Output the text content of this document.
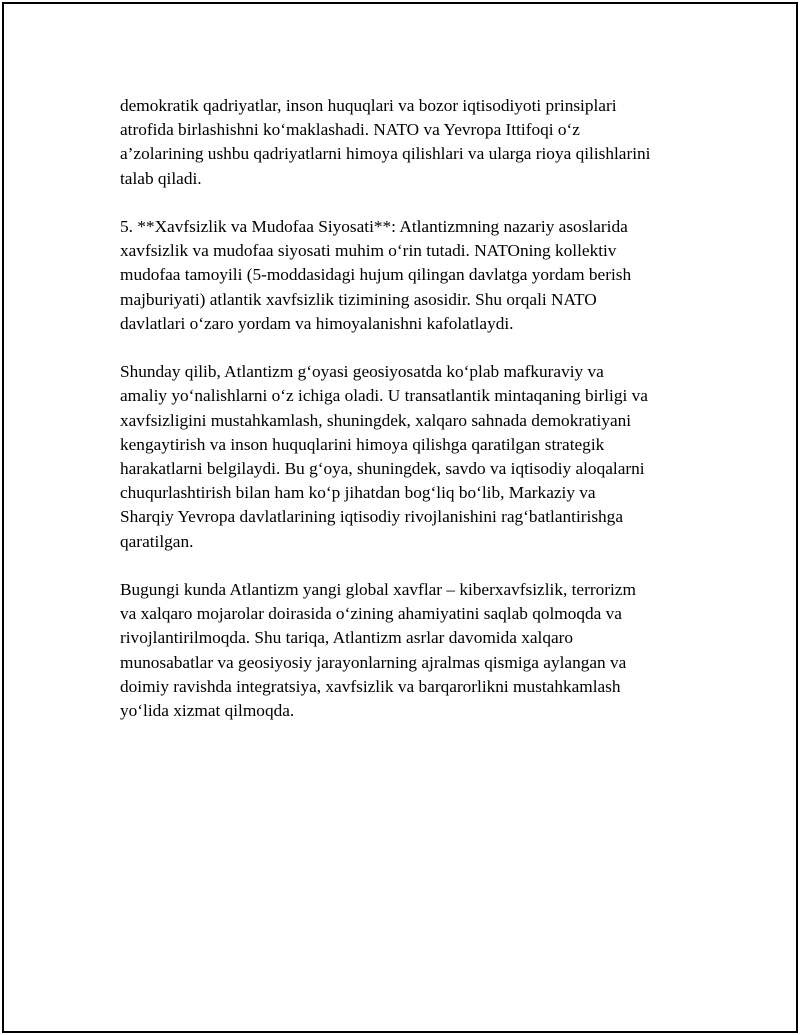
demokratik qadriyatlar, inson huquqlari va bozor iqtisodiyoti prinsiplari
atrofida birlashishni koʻmaklashadi. NATO va Yevropa Ittifoqi oʻz
a’zolarining ushbu qadriyatlarni himoya qilishlari va ularga rioya qilishlarini
talab qiladi.

5. **Xavfsizlik va Mudofaa Siyosati**: Atlantizmning nazariy asoslarida
xavfsizlik va mudofaa siyosati muhim oʻrin tutadi. NATOning kollektiv
mudofaa tamoyili (5-moddasidagi hujum qilingan davlatga yordam berish
majburiyati) atlantik xavfsizlik tizimining asosidir. Shu orqali NATO
davlatlari oʻzaro yordam va himoyalanishni kafolatlaydi.

Shunday qilib, Atlantizm gʻoyasi geosiyosatda koʻplab mafkuraviy va
amaliy yoʻnalishlarni oʻz ichiga oladi. U transatlantik mintaqaning birligi va
xavfsizligini mustahkamlash, shuningdek, xalqaro sahnada demokratiyani
kengaytirish va inson huquqlarini himoya qilishga qaratilgan strategik
harakatlarni belgilaydi. Bu gʻoya, shuningdek, savdo va iqtisodiy aloqalarni
chuqurlashtirish bilan ham koʻp jihatdan bogʻliq boʻlib, Markaziy va
Sharqiy Yevropa davlatlarining iqtisodiy rivojlanishini ragʻbatlantirishga
qaratilgan.

Bugungi kunda Atlantizm yangi global xavflar – kiberxavfsizlik, terrorizm
va xalqaro mojarolar doirasida oʻzining ahamiyatini saqlab qolmoqda va
rivojlantirilmoqda. Shu tariqa, Atlantizm asrlar davomida xalqaro
munosabatlar va geosiyosiy jarayonlarning ajralmas qismiga aylangan va
doimiy ravishda integratsiya, xavfsizlik va barqarorlikni mustahkamlash
yoʻlida xizmat qilmoqda.
